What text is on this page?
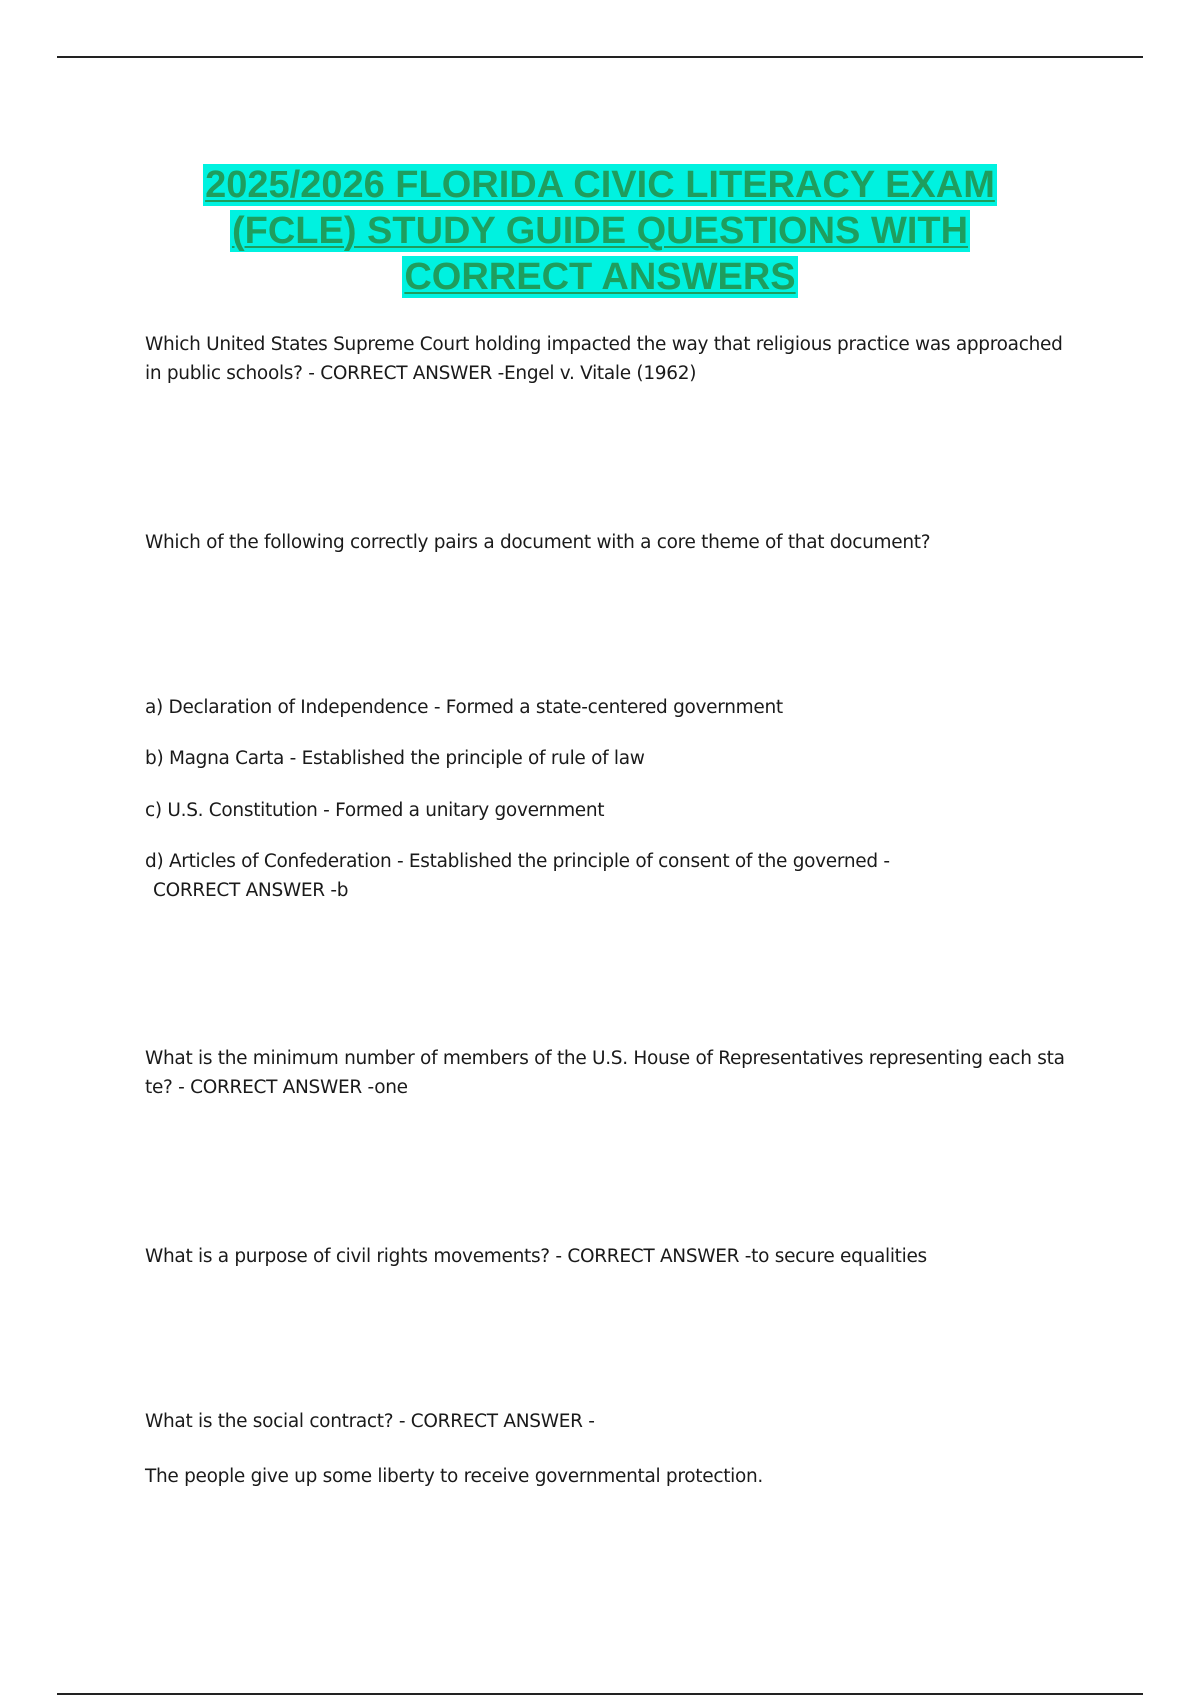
2025/2026 FLORIDA CIVIC LITERACY EXAM
(FCLE) STUDY GUIDE QUESTIONS WITH
CORRECT ANSWERS
Which United States Supreme Court holding impacted the way that religious practice was approached
in public schools? - CORRECT ANSWER -Engel v. Vitale (1962)
Which of the following correctly pairs a document with a core theme of that document?
a) Declaration of Independence - Formed a state-centered government
b) Magna Carta - Established the principle of rule of law
c) U.S. Constitution - Formed a unitary government
d) Articles of Confederation - Established the principle of consent of the governed -
CORRECT ANSWER -b
What is the minimum number of members of the U.S. House of Representatives representing each sta
te? - CORRECT ANSWER -one
What is a purpose of civil rights movements? - CORRECT ANSWER -to secure equalities
What is the social contract? - CORRECT ANSWER -
The people give up some liberty to receive governmental protection.
